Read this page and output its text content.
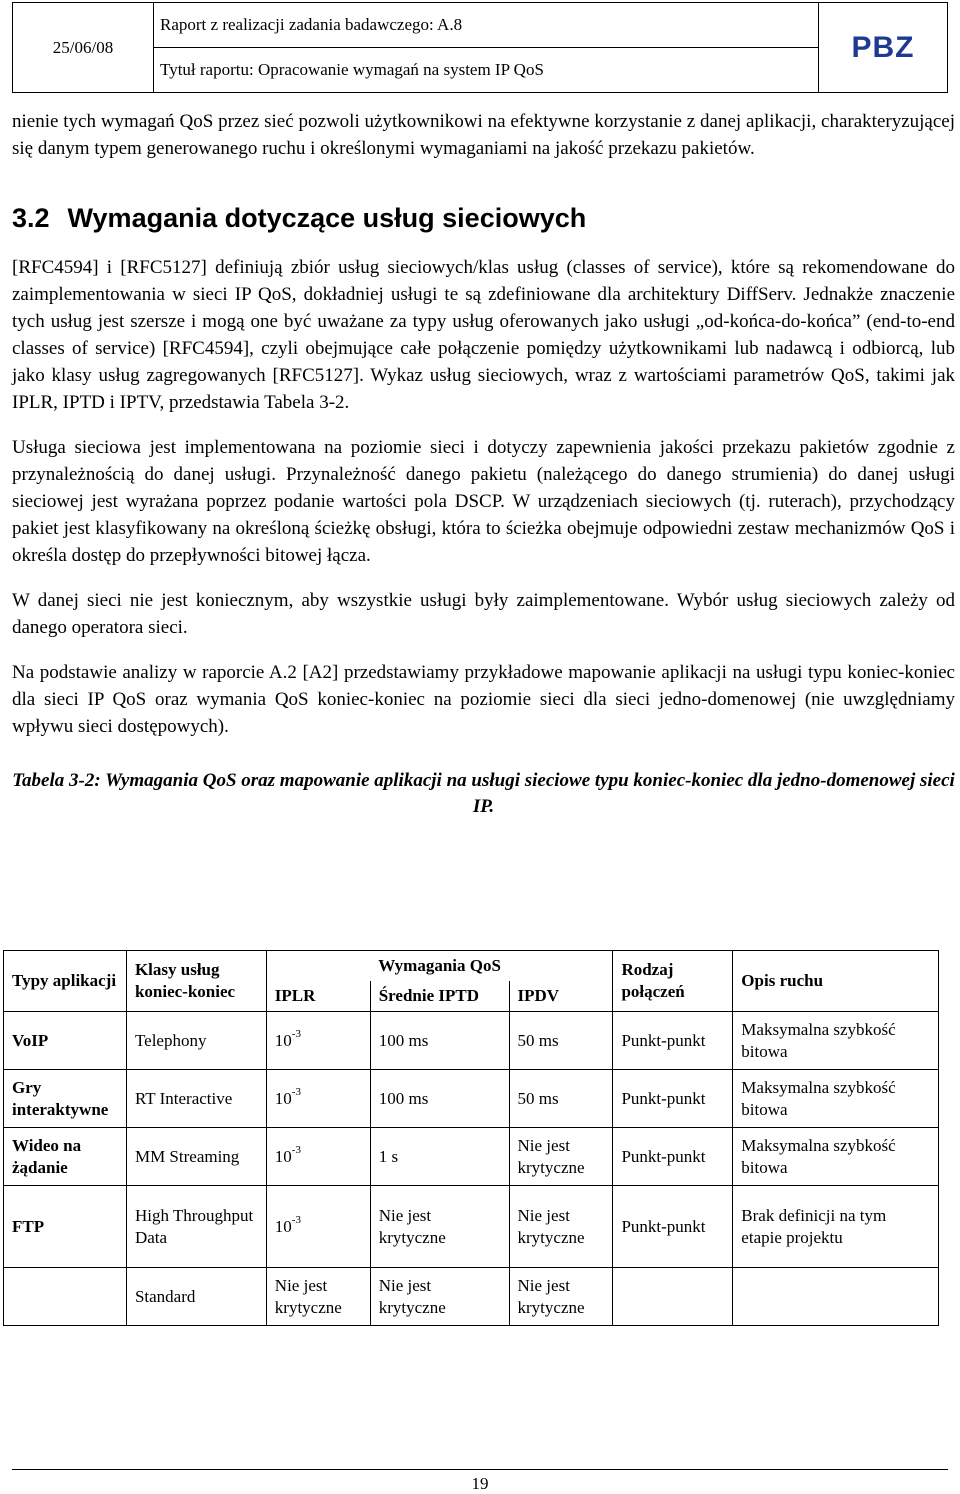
25/06/08
Raport z realizacji zadania badawczego: A.8
Tytuł raportu: Opracowanie wymagań na system IP QoS
PBZ

nienie tych wymagań QoS przez sieć pozwoli użytkownikowi na efektywne korzystanie z danej aplikacji, charakteryzującej się danym typem generowanego ruchu i określonymi wymaganiami na jakość przekazu pakietów.

3.2 Wymagania dotyczące usług sieciowych

[RFC4594] i [RFC5127] definiują zbiór usług sieciowych/klas usług (classes of service), które są rekomendowane do zaimplementowania w sieci IP QoS, dokładniej usługi te są zdefiniowane dla architektury DiffServ. Jednakże znaczenie tych usług jest szersze i mogą one być uważane za typy usług oferowanych jako usługi „od-końca-do-końca” (end-to-end classes of service) [RFC4594], czyli obejmujące całe połączenie pomiędzy użytkownikami lub nadawcą i odbiorcą, lub jako klasy usług zagregowanych [RFC5127]. Wykaz usług sieciowych, wraz z wartościami parametrów QoS, takimi jak IPLR, IPTD i IPTV, przedstawia Tabela 3-2.

Usługa sieciowa jest implementowana na poziomie sieci i dotyczy zapewnienia jakości przekazu pakietów zgodnie z przynależnością do danej usługi. Przynależność danego pakietu (należącego do danego strumienia) do danej usługi sieciowej jest wyrażana poprzez podanie wartości pola DSCP. W urządzeniach sieciowych (tj. ruterach), przychodzący pakiet jest klasyfikowany na określoną ścieżkę obsługi, która to ścieżka obejmuje odpowiedni zestaw mechanizmów QoS i określa dostęp do przepływności bitowej łącza.

W danej sieci nie jest koniecznym, aby wszystkie usługi były zaimplementowane. Wybór usług sieciowych zależy od danego operatora sieci.

Na podstawie analizy w raporcie A.2 [A2] przedstawiamy przykładowe mapowanie aplikacji na usługi typu koniec-koniec dla sieci IP QoS oraz wymania QoS koniec-koniec na poziomie sieci dla sieci jedno-domenowej (nie uwzględniamy wpływu sieci dostępowych).

Tabela 3-2: Wymagania QoS oraz mapowanie aplikacji na usługi sieciowe typu koniec-koniec dla jedno-domenowej sieci IP.
Typy aplikacji	Klasy usług koniec-koniec	Wymagania QoS			Rodzaj połączeń	Opis ruchu
		IPLR	Średnie IPTD	IPDV		
VoIP	Telephony	$10^{-3}$	100 ms	50 ms	Punkt-punkt	Maksymalna szybkość bitowa
Gry interaktywne	RT Interactive	$10^{-3}$	100 ms	50 ms	Punkt-punkt	Maksymalna szybkość bitowa
Wideo na żądanie	MM Streaming	$10^{-3}$	1 s	Nie jest krytyczne	Punkt-punkt	Maksymalna szybkość bitowa
FTP	High Throughput Data	$10^{-3}$	Nie jest krytyczne	Nie jest krytyczne	Punkt-punkt	Brak definicji na tym etapie projektu
	Standard	Nie jest krytyczne	Nie jest krytyczne	Nie jest krytyczne		
19
